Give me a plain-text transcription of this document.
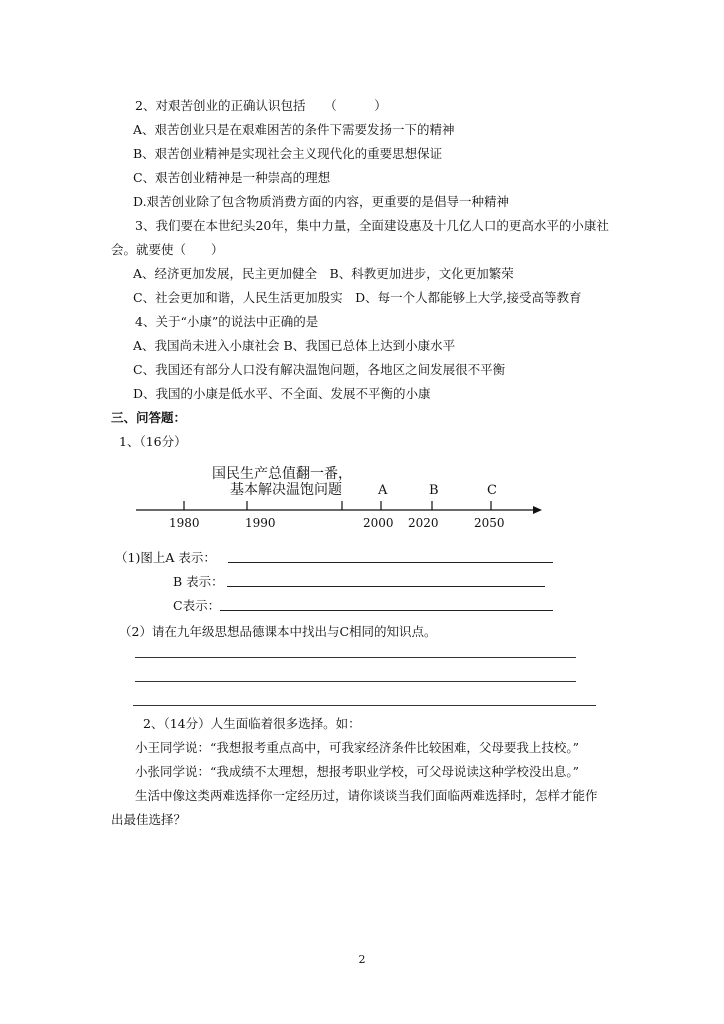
2、对艰苦创业的正确认识包括　　（　　　）
A、艰苦创业只是在艰难困苦的条件下需要发扬一下的精神
B、艰苦创业精神是实现社会主义现代化的重要思想保证
C、艰苦创业精神是一种崇高的理想
D.艰苦创业除了包含物质消费方面的内容，更重要的是倡导一种精神
3、我们要在本世纪头20年，集中力量，全面建设惠及十几亿人口的更高水平的小康社
会。就要使（　　）
A、经济更加发展，民主更加健全　B、科教更加进步，文化更加繁荣
C、社会更加和谐，人民生活更加殷实　D、每一个人都能够上大学,接受高等教育
4、关于“小康”的说法中正确的是
A、我国尚未进入小康社会 B、我国已总体上达到小康水平
C、我国还有部分人口没有解决温饱问题，各地区之间发展很不平衡
D、我国的小康是低水平、不全面、发展不平衡的小康
三、问答题：
1、（16分）
国民生产总值翻一番，
基本解决温饱问题	A	B	C
1980	1990	2000 2020	2050
（1)图上A 表示：
B 表示：
C表示：
（2）请在九年级思想品德课本中找出与C相同的知识点。
2、（14分）人生面临着很多选择。如：
小王同学说：“我想报考重点高中，可我家经济条件比较困难，父母要我上技校。”
小张同学说：“我成绩不太理想，想报考职业学校，可父母说读这种学校没出息。”
生活中像这类两难选择你一定经历过，请你谈谈当我们面临两难选择时，怎样才能作
出最佳选择？
2
